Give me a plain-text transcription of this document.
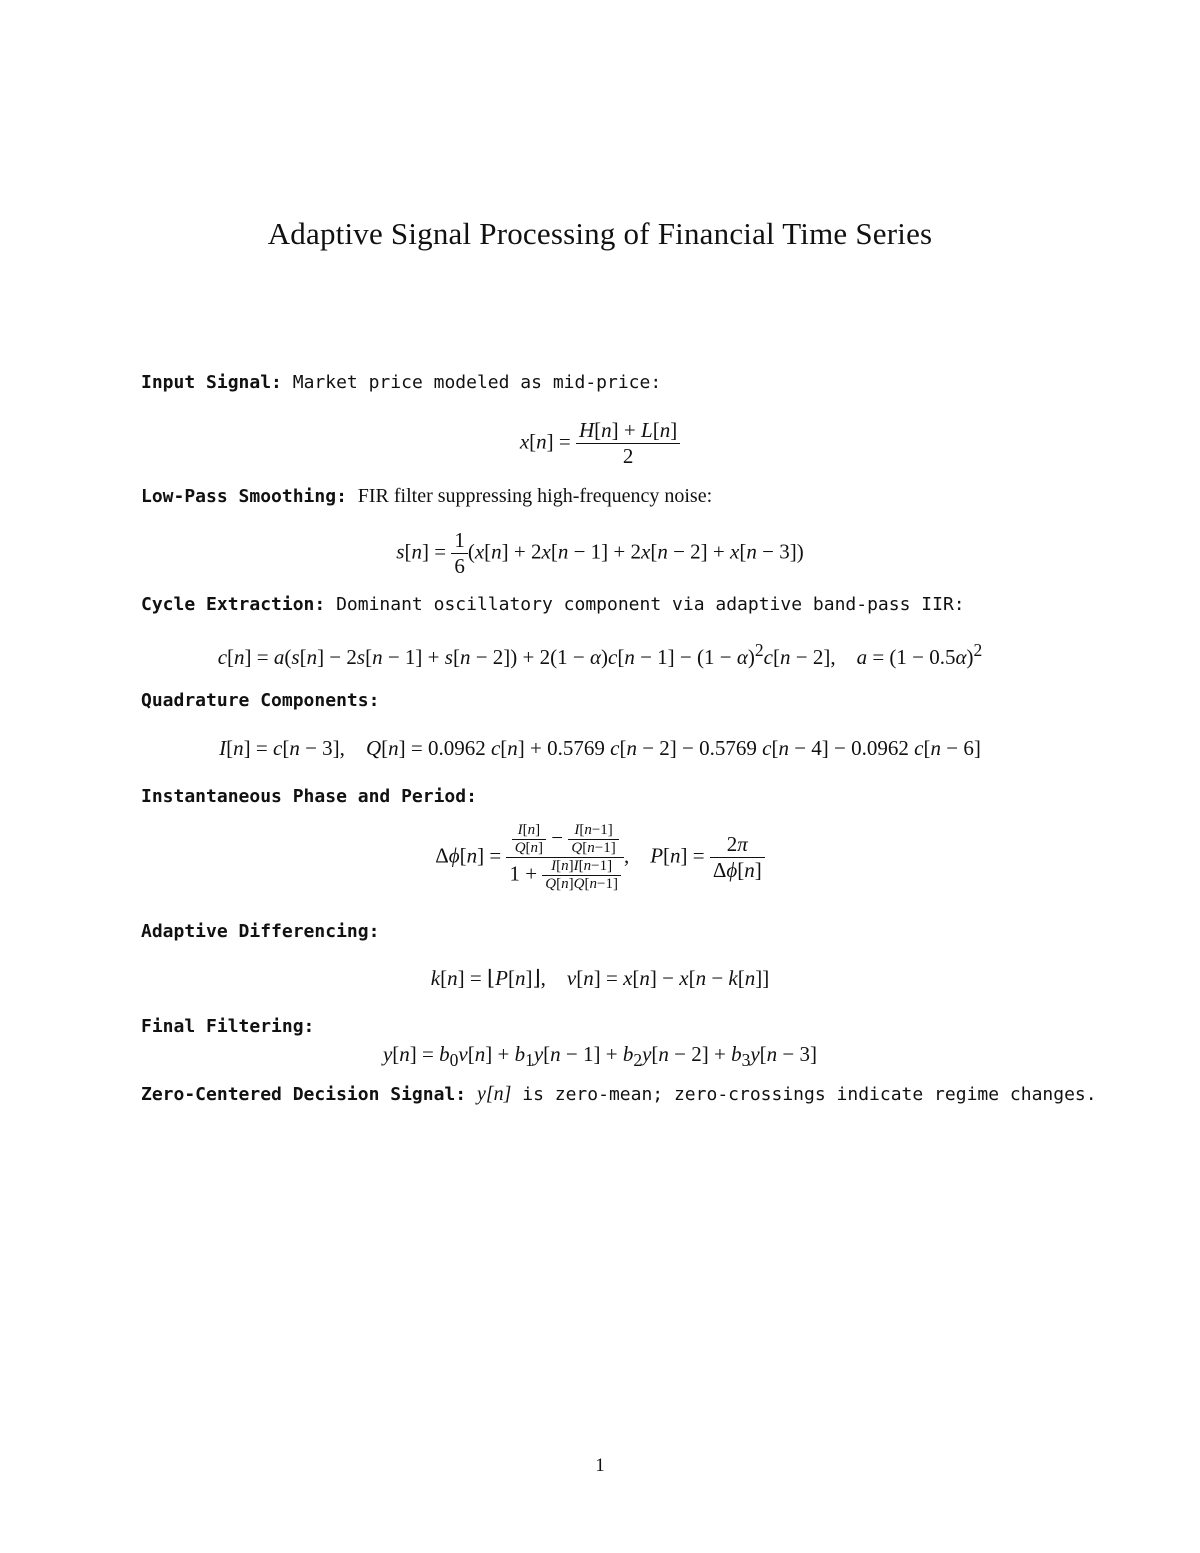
Adaptive Signal Processing of Financial Time Series
Input Signal: Market price modeled as mid-price:
$x[n] = \frac{H[n] + L[n]}{2}$
Low-Pass Smoothing: FIR filter suppressing high-frequency noise:
$s[n] = \frac{1}{6} (x[n] + 2x[n - 1] + 2x[n - 2] + x[n - 3])$
Cycle Extraction: Dominant oscillatory component via adaptive band-pass IIR:
$c[n] = a(s[n] - 2s[n - 1] + s[n - 2]) + 2(1 - \alpha)c[n - 1] - (1 - \alpha)^2c[n - 2]$,    $a = (1 - 0.5\alpha)^2$
Quadrature Components:
I[n] = c[n − 3],    Q[n] = 0.0962 c[n] + 0.5769 c[n − 2] − 0.5769 c[n − 4] − 0.0962 c[n − 6]
Instantaneous Phase and Period:
$\Delta\phi[n] = \frac{\frac{I[n]}{Q[n]} - \frac{I[n-1]}{Q[n-1]}}{1 + \frac{I[n]I[n-1]}{Q[n]Q[n-1]}}$ ,    $P[n] = \frac{2\pi}{\Delta\phi[n]}$
Adaptive Differencing:
k[n] = ⌊P[n]⌋,    v[n] = x[n] − x[n − k[n]]
Final Filtering:
$y[n] = b_0v[n] + b_1y[n - 1] + b_2y[n - 2] + b_3y[n - 3]$
Zero-Centered Decision Signal: y[n] is zero-mean; zero-crossings indicate regime changes.
1
